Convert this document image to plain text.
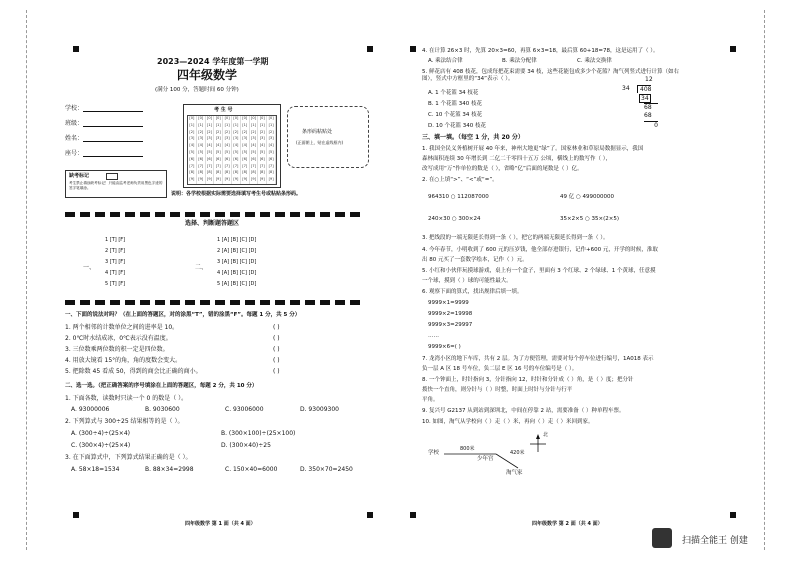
2023—2024 学年度第一学期
四年级数学
(满分 100 分，答题时间 60 分钟)
学校：
班级：
姓名：
座号：
考 生 号
[0]	[0]	[0]	[0]	[0]	[0]	[0]	[0]	[0]	[0]
[1]	[1]	[1]	[1]	[1]	[1]	[1]	[1]	[1]	[1]
[2]	[2]	[2]	[2]	[2]	[2]	[2]	[2]	[2]	[2]
[3]	[3]	[3]	[3]	[3]	[3]	[3]	[3]	[3]	[3]
[4]	[4]	[4]	[4]	[4]	[4]	[4]	[4]	[4]	[4]
[5]	[5]	[5]	[5]	[5]	[5]	[5]	[5]	[5]	[5]
[6]	[6]	[6]	[6]	[6]	[6]	[6]	[6]	[6]	[6]
[7]	[7]	[7]	[7]	[7]	[7]	[7]	[7]	[7]	[7]
[8]	[8]	[8]	[8]	[8]	[8]	[8]	[8]	[8]	[8]
[9]	[9]	[9]	[9]	[9]	[9]	[9]	[9]	[9]	[9]
条形码粘贴处
(正面朝上，贴在虚线框内)
缺考标记
考生禁止填涂缺考标记！只能由监考老师负责用黑色字迹的签字笔填涂。
说明：各学校根据实际需要选择填写考生号或粘贴条形码。
选择、判断题答题区
一、
1 [T] [F]
2 [T] [F]
3 [T] [F]
4 [T] [F]
5 [T] [F]
二、
1 [A] [B] [C] [D]
2 [A] [B] [C] [D]
3 [A] [B] [C] [D]
4 [A] [B] [C] [D]
5 [A] [B] [C] [D]
一、下面的说法对吗？（在上面的答题区，对的涂黑“T”，错的涂黑“F”。每题 1 分，共 5 分）
1. 两个相邻的计数单位之间的进率是 10。	( )
2. 0℃时水结成冰，0℃表示没有温度。	( )
3. 三位数乘两位数的积一定是四位数。	( )
4. 用放大镜看 15°的角，角的度数会变大。	( )
5. 把除数 45 看成 50，得到的商会比正确的商小。	( )
二、选一选。（把正确答案的序号填涂在上面的答题区，每题 2 分，共 10 分）
1. 下面各数，读数时只读一个 0 的数是（ ）。
A. 93000006	B. 9030600	C. 93006000	D. 93009300
2. 下列算式与 300÷25 结果相等的是（ ）。
A. (300÷4)÷(25×4)	B. (300×100)÷(25×100)
C. (300×4)÷(25×4)	D. (300×40)÷25
3. 在下面算式中，下列算式结果正确的是（ ）。
A. 58×18=1534	B. 88×34=2998	C. 150×40=6000	D. 350×70=2450
四年级数学 第 1 面（共 4 面）
4. 在计算 26×3 时，先算 20×3=60，再算 6×3=18，最后算 60+18=78，这是运用了（ ）。
A. 乘法结合律	B. 乘法分配律	C. 乘法交换律
5. 鲜花店有 408 枝花，包成每把花束需要 34 枝，这些花能包成多少个花篮？淘气列竖式进行计算（如右图），竖式中方框里的“34”表示（ ）。
A. 1 个花篮 34 枝花
B. 1 个花篮 340 枝花
C. 10 个花篮 34 枝花
D. 10 个花篮 340 枝花
12
34	408
34
68
68
0
三、填一填。（每空 1 分，共 20 分）
1. 我国全民义务植树开展 40 年来，神州大地更“绿”了。国家林业和草原局数据显示，我国
森林面积连续 30 年增长到 二亿二千零四十五万 公顷，横线上的数写作（ ），
改写成用“万”作单位的数是（ ），省略“亿”后面的尾数是（ ）亿。
2. 在○上填“>”、“<”或“=”。
964310 ○ 112087000	49 亿 ○ 499000000
240×30 ○ 300×24	35×2×5 ○ 35×(2×5)
3. 把线段的一端无限延长得到一条（ ），把它的两端无限延长得到一条（ ）。
4. 今年春节，小明收到了 600 元的压岁钱，他全部存进银行，记作+600 元，开学的时候，淮取
出 80 元买了一套数学绘本，记作（ ）元。
5. 小红和小伙伴玩摸球游戏，桌上有一个盒子，里面有 3 个红球、2 个绿球、1 个黄球，任意摸
一个球，摸到（ ）球的可能性最大。
6. 观察下面的算式，找出规律后填一填。
9999×1=9999
9999×2=19998
9999×3=29997
……
9999×6=( )
7. 龙湾小区的地下车库，共有 2 层。为了方便管理，需要对每个停车位进行编号，1A018 表示
负一层 A 区 18 号车位，负二层 E 区 16 号的车位编号是（ ）。
8. 一个钟面上，时针指向 3，分针指向 12，时针和分针成（ ）角，是（ ）度；把分针
拨快一个直角，则分针与（ ）时整，时面上时针与分针与行平
平角。
9. 复兴号 G2137 从到站到深圳北，中间在停靠 2 站，需要准备（ ）种单程车票。
10. 如图，淘气从学校向（ ）走（ ）米，再向（ ）走（ ）米回到家。
学校
800米
少年宫
420米
淘气家
北
四年级数学 第 2 面（共 4 面）
扫描全能王 创建
